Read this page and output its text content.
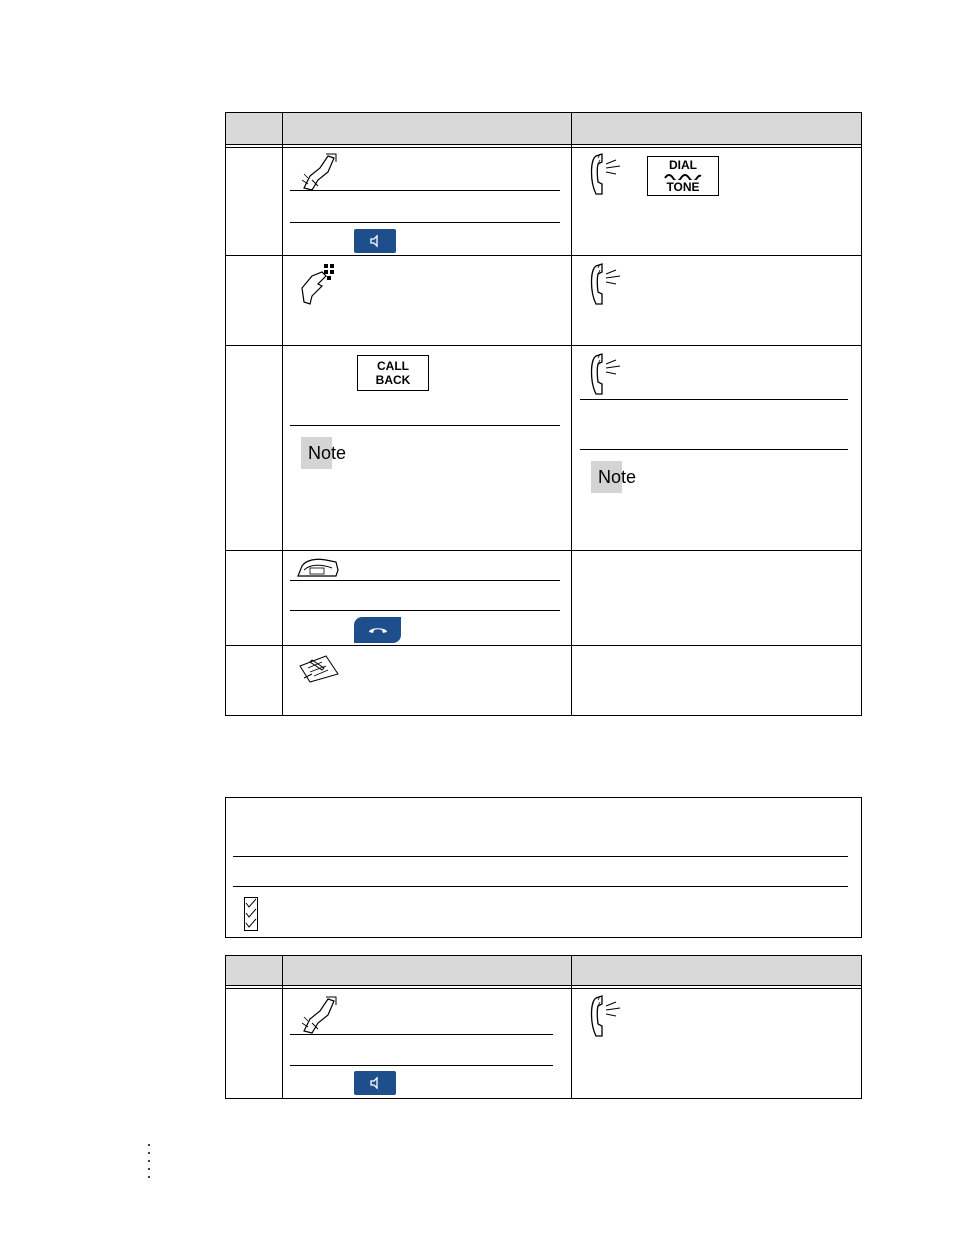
DIAL
TONE
CALL
BACK
Note
Note
